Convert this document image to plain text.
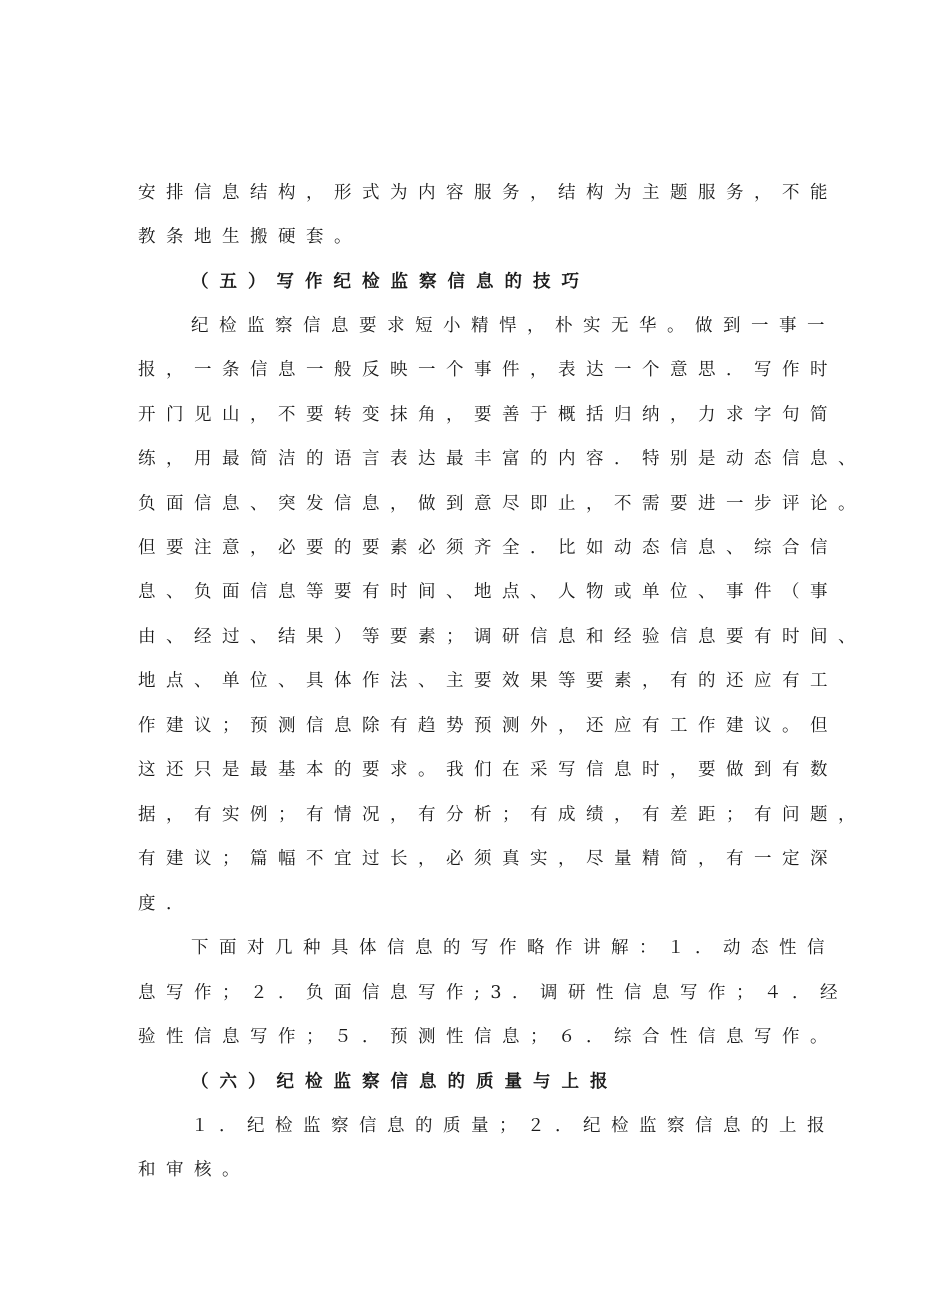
安排信息结构，形式为内容服务，结构为主题服务，不能
教条地生搬硬套。
（五）写作纪检监察信息的技巧
纪检监察信息要求短小精悍，朴实无华。做到一事一
报，一条信息一般反映一个事件，表达一个意思．写作时
开门见山，不要转变抹角，要善于概括归纳，力求字句简
练，用最简洁的语言表达最丰富的内容．特别是动态信息、
负面信息、突发信息，做到意尽即止，不需要进一步评论。
但要注意，必要的要素必须齐全．比如动态信息、综合信
息、负面信息等要有时间、地点、人物或单位、事件（事
由、经过、结果）等要素；调研信息和经验信息要有时间、
地点、单位、具体作法、主要效果等要素，有的还应有工
作建议；预测信息除有趋势预测外，还应有工作建议。但
这还只是最基本的要求。我们在采写信息时，要做到有数
据，有实例；有情况，有分析；有成绩，有差距；有问题，
有建议；篇幅不宜过长，必须真实，尽量精简，有一定深
度．
下面对几种具体信息的写作略作讲解：１．动态性信
息写作；２．负面信息写作;3．调研性信息写作；４．经
验性信息写作；５．预测性信息；６．综合性信息写作。
（六）纪检监察信息的质量与上报
１．纪检监察信息的质量；２．纪检监察信息的上报
和审核。
